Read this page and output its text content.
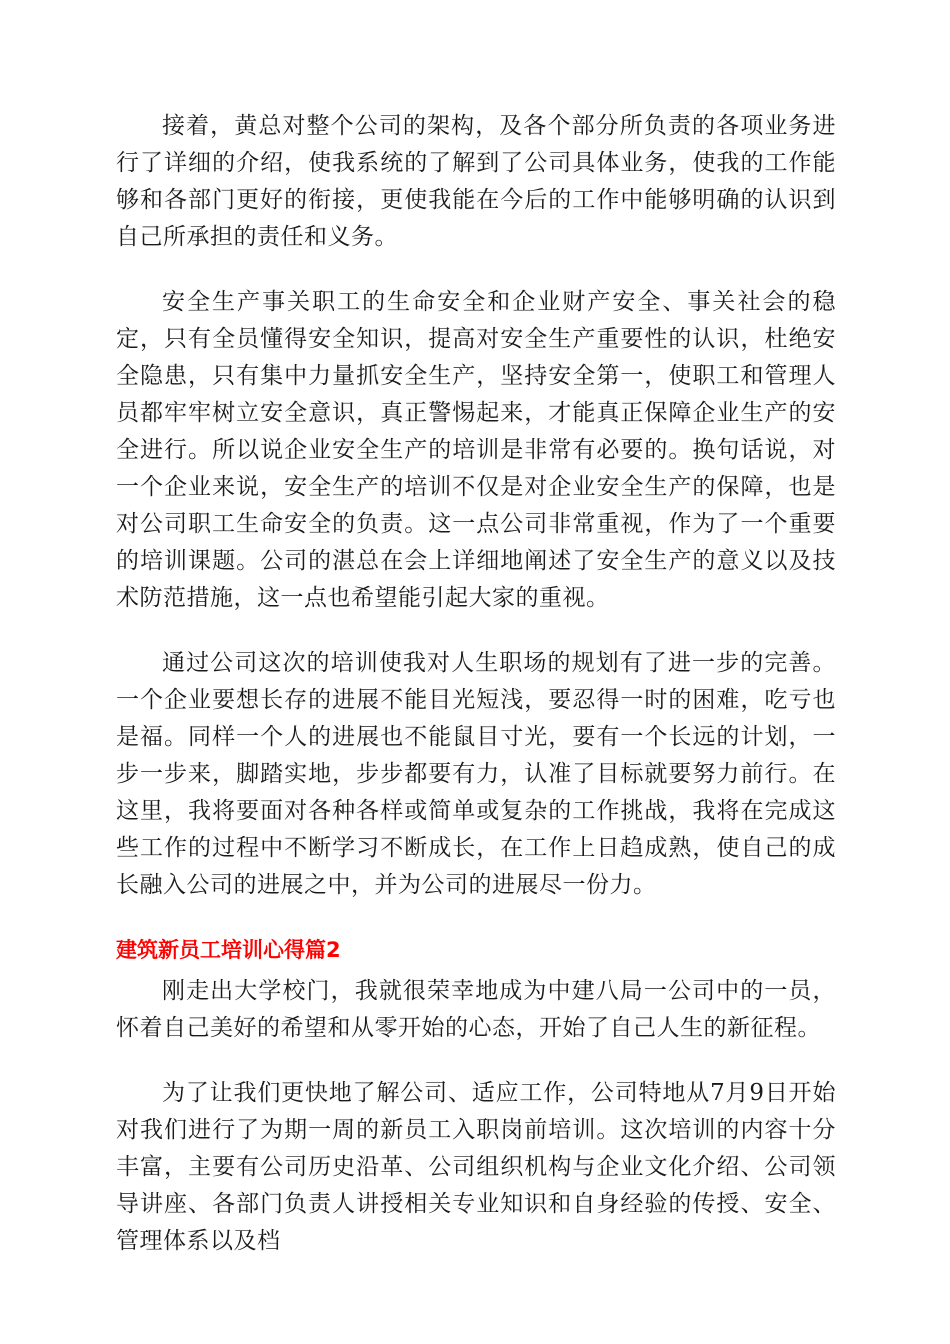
接着，黄总对整个公司的架构，及各个部分所负责的各项业务进行了详细的介绍，使我系统的了解到了公司具体业务，使我的工作能够和各部门更好的衔接，更使我能在今后的工作中能够明确的认识到自己所承担的责任和义务。

安全生产事关职工的生命安全和企业财产安全、事关社会的稳定，只有全员懂得安全知识，提高对安全生产重要性的认识，杜绝安全隐患，只有集中力量抓安全生产，坚持安全第一，使职工和管理人员都牢牢树立安全意识，真正警惕起来，才能真正保障企业生产的安全进行。所以说企业安全生产的培训是非常有必要的。换句话说，对一个企业来说，安全生产的培训不仅是对企业安全生产的保障，也是对公司职工生命安全的负责。这一点公司非常重视，作为了一个重要的培训课题。公司的湛总在会上详细地阐述了安全生产的意义以及技术防范措施，这一点也希望能引起大家的重视。

通过公司这次的培训使我对人生职场的规划有了进一步的完善。一个企业要想长存的进展不能目光短浅，要忍得一时的困难，吃亏也是福。同样一个人的进展也不能鼠目寸光，要有一个长远的计划，一步一步来，脚踏实地，步步都要有力，认准了目标就要努力前行。在这里，我将要面对各种各样或简单或复杂的工作挑战，我将在完成这些工作的过程中不断学习不断成长，在工作上日趋成熟，使自己的成长融入公司的进展之中，并为公司的进展尽一份力。

建筑新员工培训心得篇2

刚走出大学校门，我就很荣幸地成为中建八局一公司中的一员，怀着自己美好的希望和从零开始的心态，开始了自己人生的新征程。

为了让我们更快地了解公司、适应工作，公司特地从7月9日开始对我们进行了为期一周的新员工入职岗前培训。这次培训的内容十分丰富，主要有公司历史沿革、公司组织机构与企业文化介绍、公司领导讲座、各部门负责人讲授相关专业知识和自身经验的传授、安全、管理体系以及档
